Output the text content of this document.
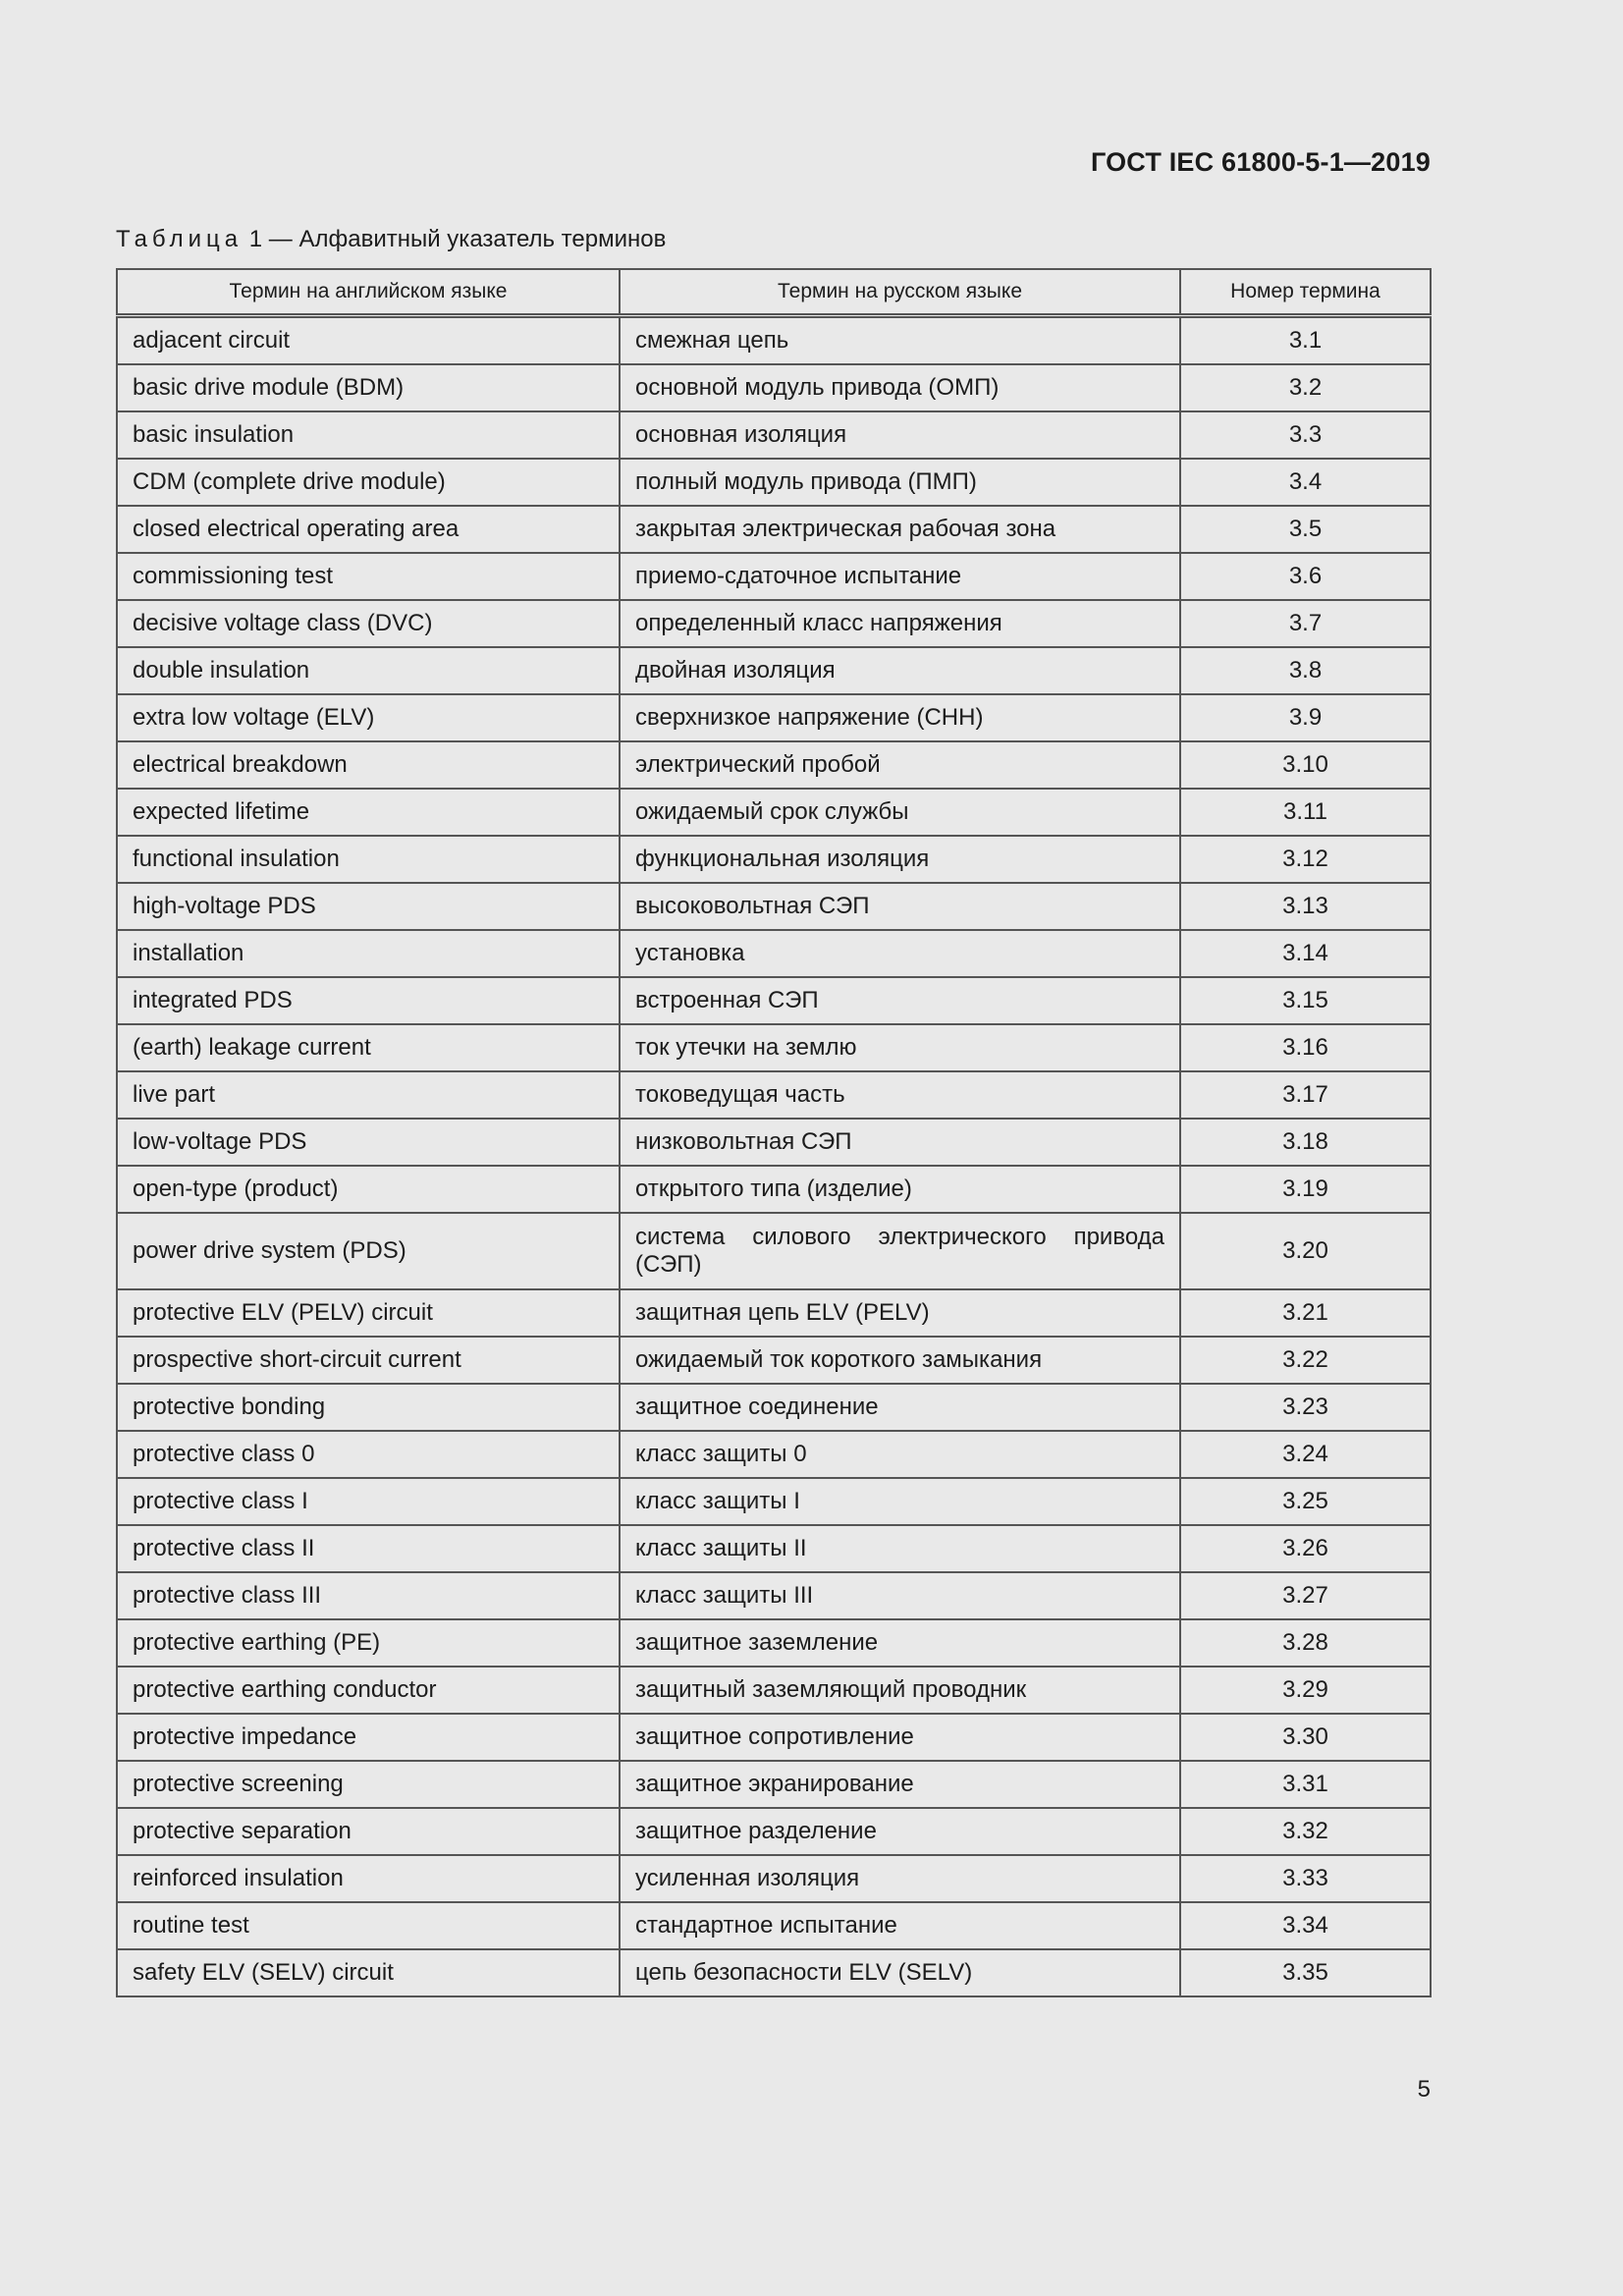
ГОСТ IEC 61800-5-1—2019
Таблица 1 — Алфавитный указатель терминов
Термин на английском языке	Термин на русском языке	Номер термина
adjacent circuit	смежная цепь	3.1
basic drive module (BDM)	основной модуль привода (ОМП)	3.2
basic insulation	основная изоляция	3.3
CDM (complete drive module)	полный модуль привода (ПМП)	3.4
closed electrical operating area	закрытая электрическая рабочая зона	3.5
commissioning test	приемо-сдаточное испытание	3.6
decisive voltage class (DVC)	определенный класс напряжения	3.7
double insulation	двойная изоляция	3.8
extra low voltage (ELV)	сверхнизкое напряжение (СНН)	3.9
electrical breakdown	электрический пробой	3.10
expected lifetime	ожидаемый срок службы	3.11
functional insulation	функциональная изоляция	3.12
high-voltage PDS	высоковольтная СЭП	3.13
installation	установка	3.14
integrated PDS	встроенная СЭП	3.15
(earth) leakage current	ток утечки на землю	3.16
live part	токоведущая часть	3.17
low-voltage PDS	низковольтная СЭП	3.18
open-type (product)	открытого типа (изделие)	3.19
power drive system (PDS)	система силового электрического привода (СЭП)	3.20
protective ELV (PELV) circuit	защитная цепь ELV (PELV)	3.21
prospective short-circuit current	ожидаемый ток короткого замыкания	3.22
protective bonding	защитное соединение	3.23
protective class 0	класс защиты 0	3.24
protective class I	класс защиты I	3.25
protective class II	класс защиты II	3.26
protective class III	класс защиты III	3.27
protective earthing (PE)	защитное заземление	3.28
protective earthing conductor	защитный заземляющий проводник	3.29
protective impedance	защитное сопротивление	3.30
protective screening	защитное экранирование	3.31
protective separation	защитное разделение	3.32
reinforced insulation	усиленная изоляция	3.33
routine test	стандартное испытание	3.34
safety ELV (SELV) circuit	цепь безопасности ELV (SELV)	3.35
5
